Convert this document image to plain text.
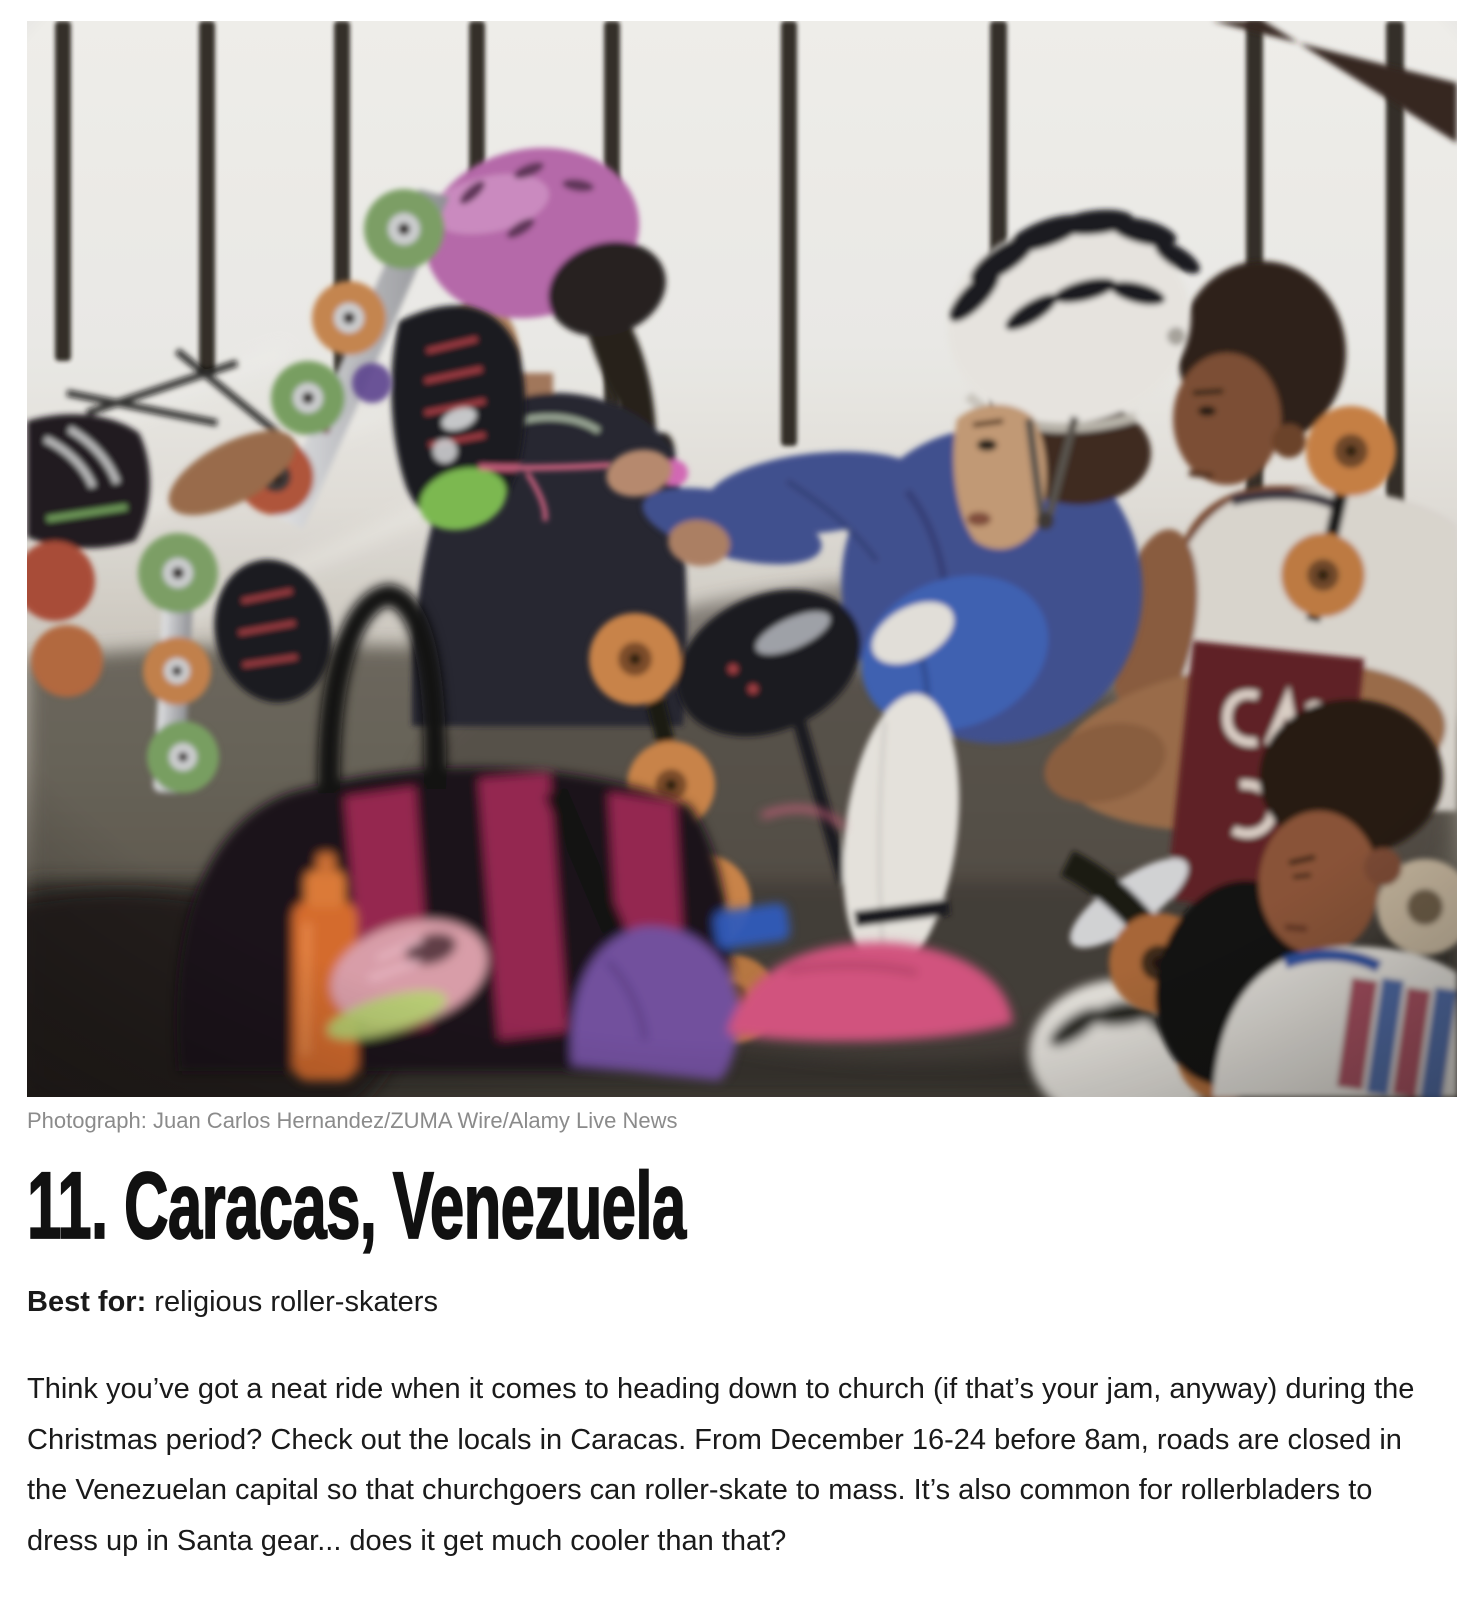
Photograph: Juan Carlos Hernandez/ZUMA Wire/Alamy Live News
11. Caracas, Venezuela

Best for: religious roller-skaters

Think you’ve got a neat ride when it comes to heading down to church (if that’s your jam, anyway) during the Christmas period? Check out the locals in Caracas. From December 16-24 before 8am, roads are closed in the Venezuelan capital so that churchgoers can roller-skate to mass. It’s also common for rollerbladers to dress up in Santa gear... does it get much cooler than that?
